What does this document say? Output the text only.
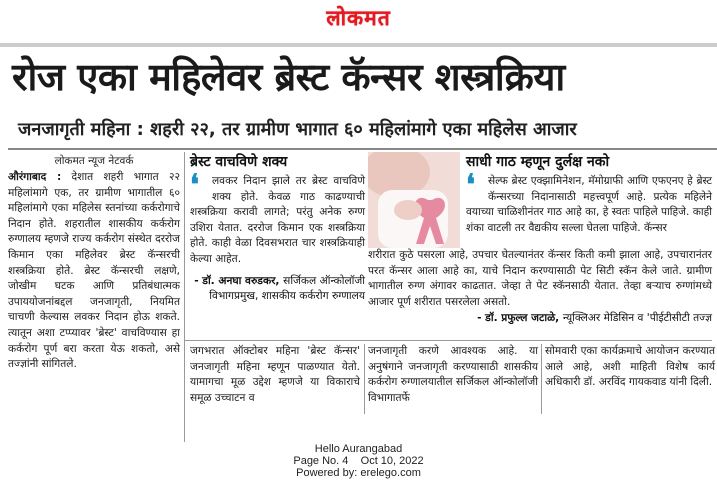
लोकमत
रोज एका महिलेवर ब्रेस्ट कॅन्सर शस्त्रक्रिया
जनजागृती महिना : शहरी २२, तर ग्रामीण भागात ६० महिलांमागे एका महिलेस आजार
लोकमत न्यूज नेटवर्क

औरंगाबाद : देशात शहरी भागात २२ महिलांमागे एक, तर ग्रामीण भागातील ६० महिलांमागे एका महिलेस स्तनांच्या कर्करोगाचे निदान होते. शहरातील शासकीय कर्करोग रुग्णालय म्हणजे राज्य कर्करोग संस्थेत दररोज किमान एका महिलेवर ब्रेस्ट कॅन्सरची शस्त्रक्रिया होते. ब्रेस्ट कॅन्सरची लक्षणे, जोखीम घटक आणि प्रतिबंधात्मक उपाययोजनांबद्दल जनजागृती, नियमित चाचणी केल्यास लवकर निदान होऊ शकते. त्यातून अशा टप्प्यावर 'ब्रेस्ट' वाचविण्यास हा कर्करोग पूर्ण बरा करता येऊ शकतो, असे तज्ज्ञांनी सांगितले.

ब्रेस्ट वाचविणे शक्य
❛	लवकर निदान झाले तर ब्रेस्ट वाचविणे शक्य होते. केवळ गाठ काढण्याची शस्त्रक्रिया करावी लागते; परंतु अनेक रुग्ण उशिरा येतात. दररोज किमान एक शस्त्रक्रिया होते. काही वेळा दिवसभरात चार शस्त्रक्रियाही केल्या आहेत.
- डॉ. अनघा वरुडकर, सर्जिकल ऑन्कोलॉजी विभागप्रमुख, शासकीय कर्करोग रुग्णालय
साधी गाठ म्हणून दुर्लक्ष नको
❛	सेल्फ ब्रेस्ट एक्झामिनेशन, मॅमोग्राफी आणि एफएनए हे ब्रेस्ट कॅन्सरच्या निदानासाठी महत्त्वपूर्ण आहे. प्रत्येक महिलेने वयाच्या चाळिशीनंतर गाठ आहे का, हे स्वतः पाहिले पाहिजे. काही शंका वाटली तर वैद्यकीय सल्ला घेतला पाहिजे. कॅन्सर
शरीरात कुठे पसरला आहे, उपचार घेतल्यानंतर कॅन्सर किती कमी झाला आहे, उपचारानंतर परत कॅन्सर आला आहे का, याचे निदान करण्यासाठी पेट सिटी स्कॅन केले जाते. ग्रामीण भागातील रुग्ण अंगावर काढतात. जेव्हा ते पेट स्कॅनसाठी येतात. तेव्हा बऱ्याच रुग्णांमध्ये आजार पूर्ण शरीरात पसरलेला असतो.
- डॉ. प्रफुल्ल जटाळे, न्यूक्लिअर मेडिसिन व 'पीईटीसीटी तज्ज्ञ
जगभरात ऑक्टोबर महिना 'ब्रेस्ट कॅन्सर' जनजागृती महिना म्हणून पाळण्यात येतो. यामागचा मूळ उद्देश म्हणजे या विकाराचे समूळ उच्चाटन व
जनजागृती करणे आवश्यक आहे. या अनुषंगाने जनजागृती करण्यासाठी शासकीय कर्करोग रुग्णालयातील सर्जिकल ऑन्कोलॉजी विभागातर्फे
सोमवारी एका कार्यक्रमाचे आयोजन करण्यात आले आहे, अशी माहिती विशेष कार्य अधिकारी डॉ. अरविंद गायकवाड यांनी दिली.
Hello Aurangabad
Page No. 4 Oct 10, 2022
Powered by: erelego.com
